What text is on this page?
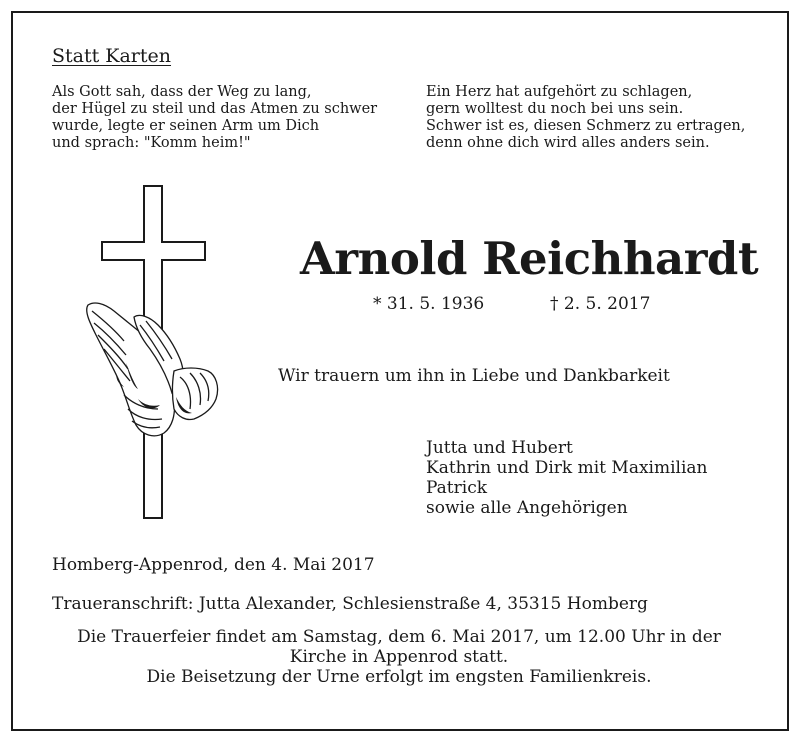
Statt Karten
Als Gott sah, dass der Weg zu lang,
der Hügel zu steil und das Atmen zu schwer
wurde, legte er seinen Arm um Dich
und sprach: "Komm heim!"
Ein Herz hat aufgehört zu schlagen,
gern wolltest du noch bei uns sein.
Schwer ist es, diesen Schmerz zu ertragen,
denn ohne dich wird alles anders sein.
Arnold Reichhardt
* 31. 5. 1936	† 2. 5. 2017
Wir trauern um ihn in Liebe und Dankbarkeit
Jutta und Hubert
Kathrin und Dirk mit Maximilian
Patrick
sowie alle Angehörigen
Homberg-Appenrod, den 4. Mai 2017
Traueranschrift: Jutta Alexander, Schlesienstraße 4, 35315 Homberg
Die Trauerfeier findet am Samstag, dem 6. Mai 2017, um 12.00 Uhr in der
Kirche in Appenrod statt.
Die Beisetzung der Urne erfolgt im engsten Familienkreis.
